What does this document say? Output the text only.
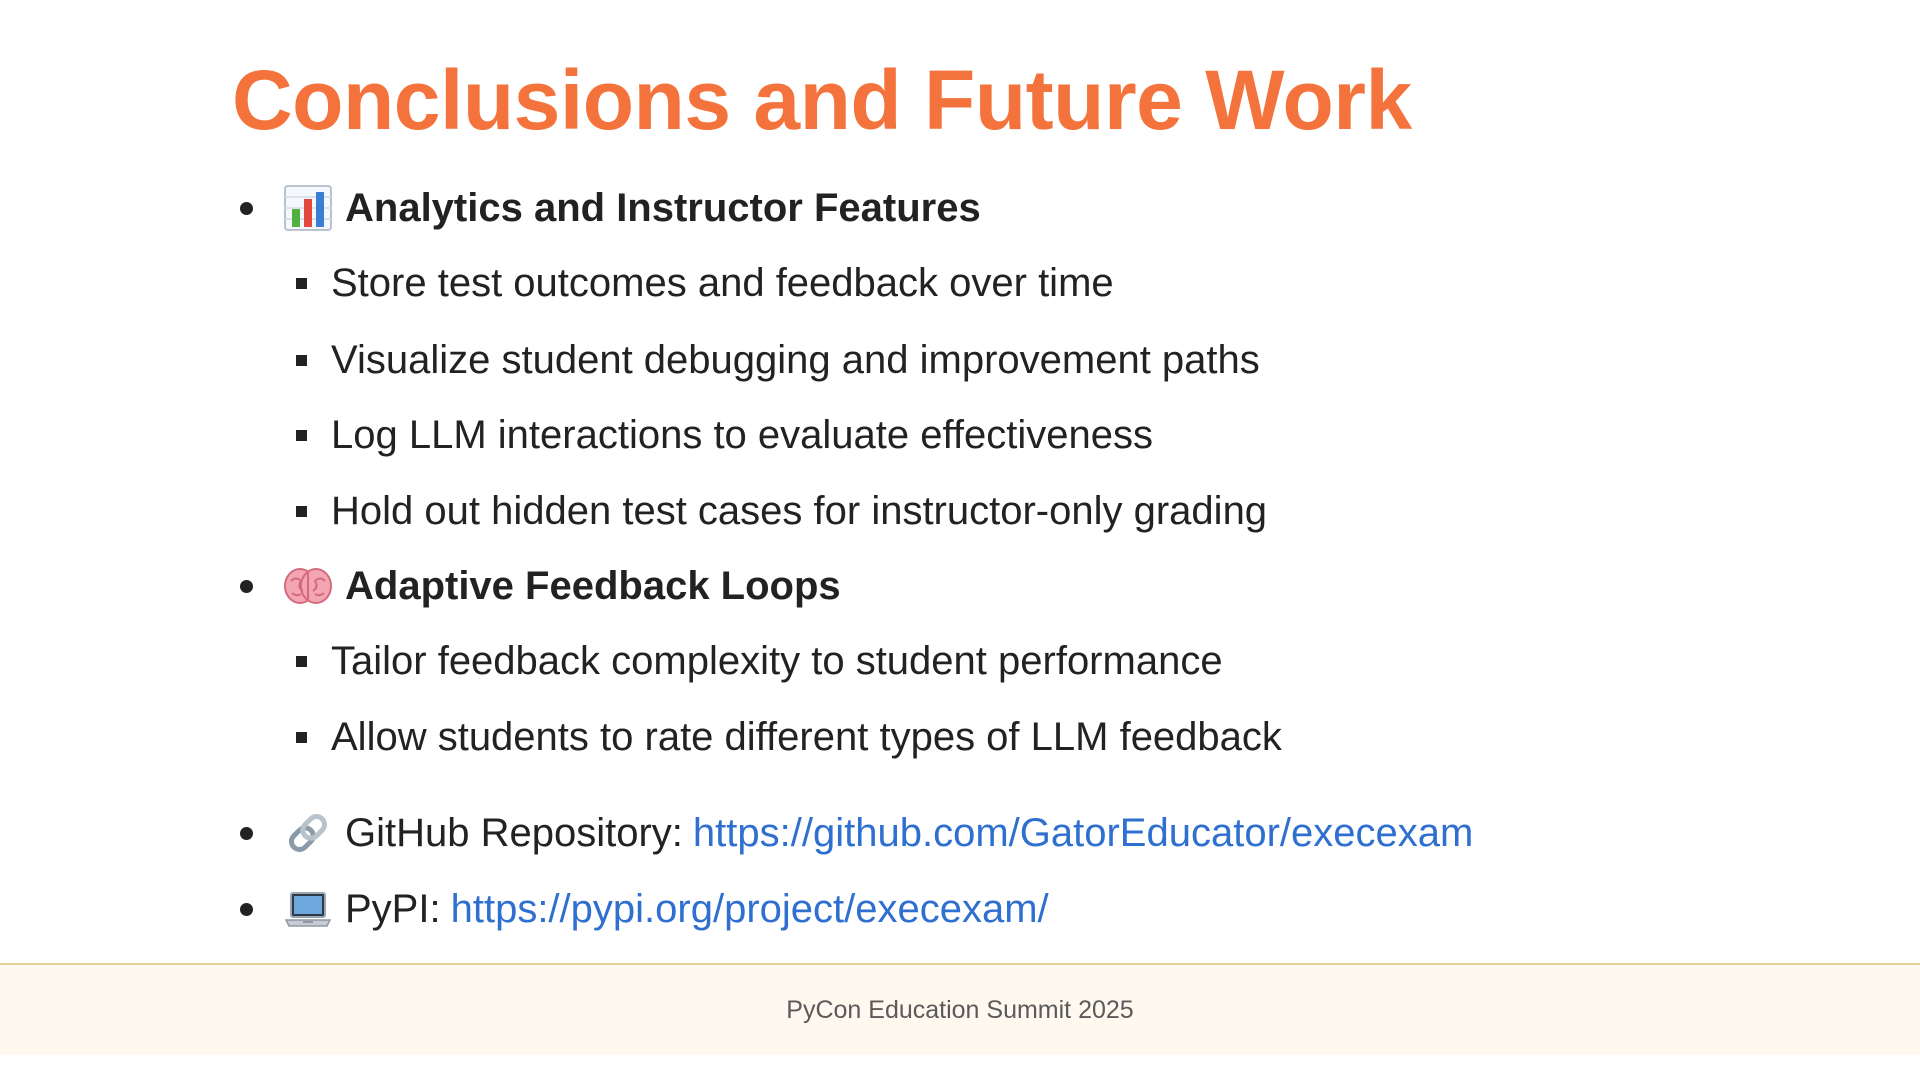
Conclusions and Future Work
Analytics and Instructor Features
Store test outcomes and feedback over time
Visualize student debugging and improvement paths
Log LLM interactions to evaluate effectiveness
Hold out hidden test cases for instructor-only grading
Adaptive Feedback Loops
Tailor feedback complexity to student performance
Allow students to rate different types of LLM feedback
GitHub Repository: https://github.com/GatorEducator/execexam
PyPI: https://pypi.org/project/execexam/
PyCon Education Summit 2025
